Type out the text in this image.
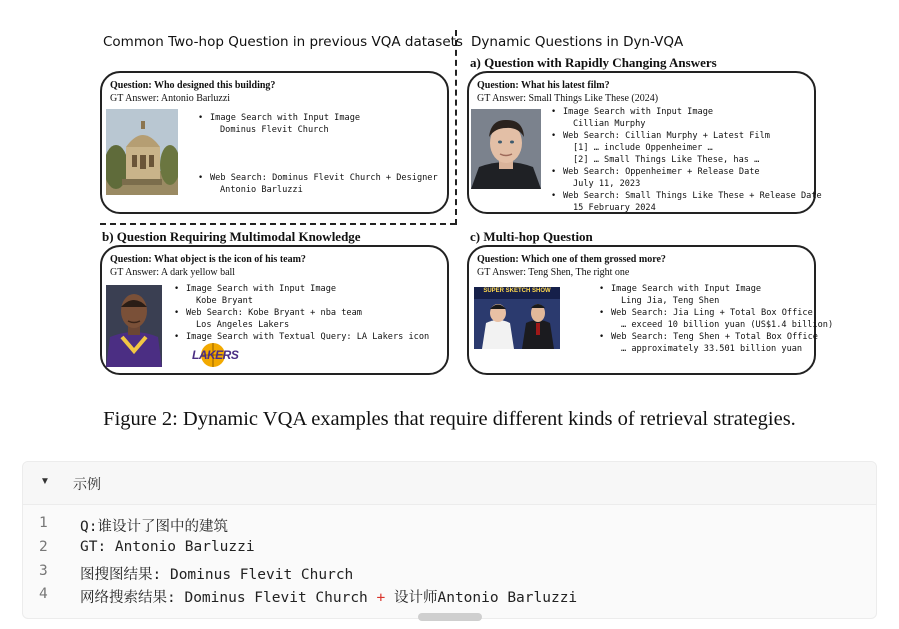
Common Two-hop Question in previous VQA datasets Dynamic Questions in Dyn-VQA
a) Question with Rapidly Changing Answers
b) Question Requiring Multimodal Knowledge	c) Multi-hop Question
Question: Who designed this building?
GT Answer: Antonio Barluzzi
• Image Search with Input Image
Dominus Flevit Church
• Web Search: Dominus Flevit Church + Designer
Antonio Barluzzi
Question: What his latest film?
GT Answer: Small Things Like These (2024)
• Image Search with Input Image
Cillian Murphy
• Web Search: Cillian Murphy + Latest Film
[1] … include Oppenheimer …
[2] … Small Things Like These, has …
• Web Search: Oppenheimer + Release Date
July 11, 2023
• Web Search: Small Things Like These + Release Date
15 February 2024
Question: What object is the icon of his team?
GT Answer: A dark yellow ball
• Image Search with Input Image
Kobe Bryant
• Web Search: Kobe Bryant + nba team
Los Angeles Lakers
• Image Search with Textual Query: LA Lakers icon
LAKERS
Question: Which one of them grossed more?
GT Answer: Teng Shen, The right one
SUPER SKETCH SHOW
•	Image Search with Input Image
Ling Jia, Teng Shen
• Web Search: Jia Ling + Total Box Office
… exceed 10 billion yuan (US$1.4 billion)
• Web Search: Teng Shen + Total Box Office
… approximately 33.501 billion yuan
Figure 2: Dynamic VQA examples that require different kinds of retrieval strategies.
▼ 示例
1	Q:谁设计了图中的建筑
2	GT: Antonio Barluzzi
3	图搜图结果: Dominus Flevit Church
4	网络搜索结果: Dominus Flevit Church + 设计师Antonio Barluzzi
